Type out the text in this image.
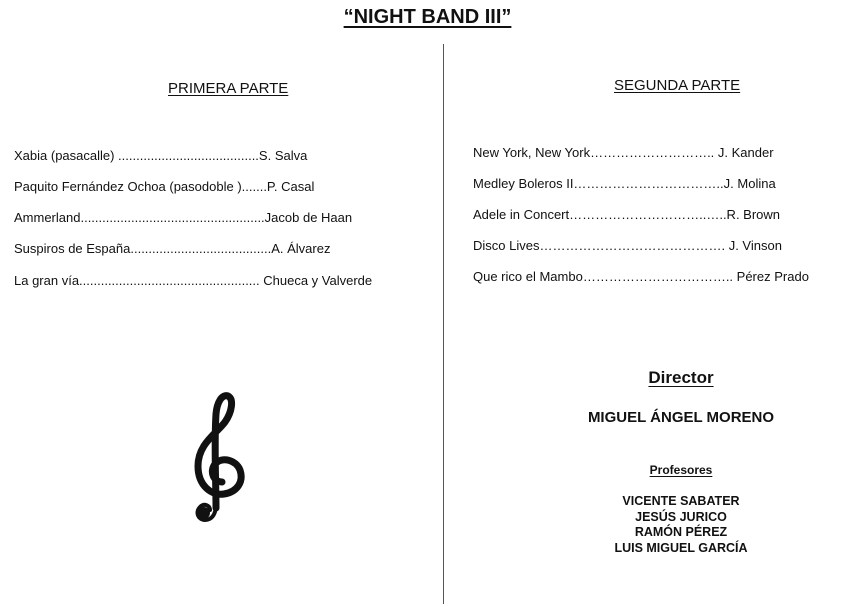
“NIGHT BAND III”
PRIMERA PARTE
Xabia (pasacalle) .......................................S. Salva
Paquito Fernández Ochoa (pasodoble ).......P. Casal
Ammerland...................................................Jacob de Haan
Suspiros de España.......................................A. Álvarez
La gran vía.................................................. Chueca y Valverde
SEGUNDA PARTE
New York, New York……………………….. J. Kander
Medley Boleros II……………………………..J. Molina
Adele in Concert…………………………..…..R. Brown
Disco Lives……………………………………. J. Vinson
Que rico el Mambo…………………………….. Pérez Prado
Director
MIGUEL ÁNGEL MORENO
Profesores
VICENTE SABATER
JESÚS JURICO
RAMÓN PÉREZ
LUIS MIGUEL GARCÍA
